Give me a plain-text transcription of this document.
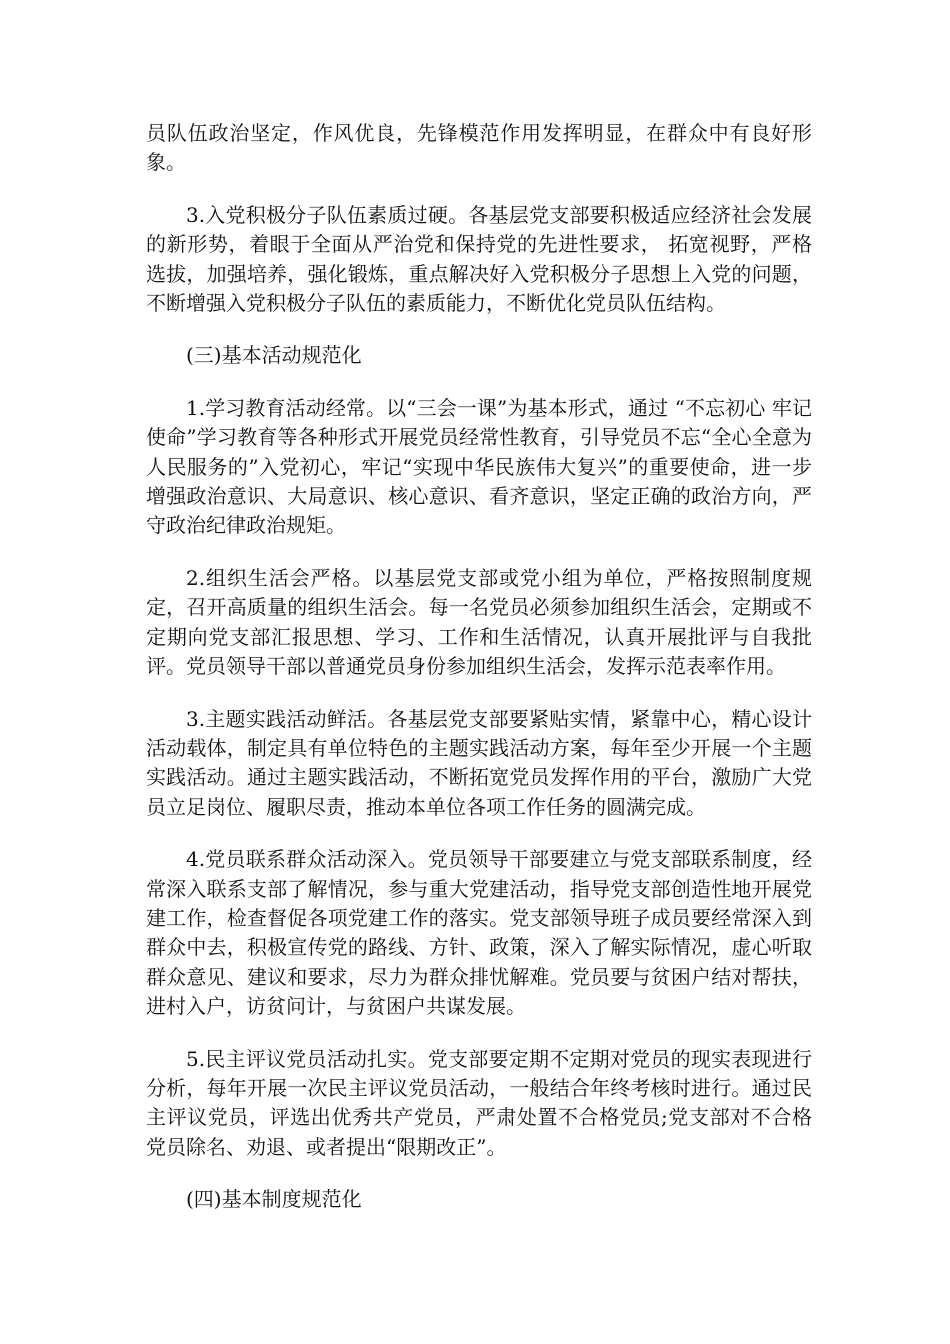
员队伍政治坚定，作风优良，先锋模范作用发挥明显，在群众中有良好形象。

3.入党积极分子队伍素质过硬。各基层党支部要积极适应经济社会发展的新形势，着眼于全面从严治党和保持党的先进性要求， 拓宽视野，严格选拔，加强培养，强化锻炼，重点解决好入党积极分子思想上入党的问题，不断增强入党积极分子队伍的素质能力，不断优化党员队伍结构。

(三)基本活动规范化

1.学习教育活动经常。以“三会一课”为基本形式，通过 “不忘初心 牢记使命”学习教育等各种形式开展党员经常性教育，引导党员不忘“全心全意为人民服务的”入党初心，牢记“实现中华民族伟大复兴”的重要使命，进一步增强政治意识、大局意识、核心意识、看齐意识，坚定正确的政治方向，严守政治纪律政治规矩。

2.组织生活会严格。以基层党支部或党小组为单位，严格按照制度规定，召开高质量的组织生活会。每一名党员必须参加组织生活会，定期或不定期向党支部汇报思想、学习、工作和生活情况，认真开展批评与自我批评。党员领导干部以普通党员身份参加组织生活会，发挥示范表率作用。

3.主题实践活动鲜活。各基层党支部要紧贴实情，紧靠中心，精心设计活动载体，制定具有单位特色的主题实践活动方案，每年至少开展一个主题实践活动。通过主题实践活动，不断拓宽党员发挥作用的平台，激励广大党员立足岗位、履职尽责，推动本单位各项工作任务的圆满完成。

4.党员联系群众活动深入。党员领导干部要建立与党支部联系制度，经常深入联系支部了解情况，参与重大党建活动，指导党支部创造性地开展党建工作，检查督促各项党建工作的落实。党支部领导班子成员要经常深入到群众中去，积极宣传党的路线、方针、政策，深入了解实际情况，虚心听取群众意见、建议和要求，尽力为群众排忧解难。党员要与贫困户结对帮扶，进村入户，访贫问计，与贫困户共谋发展。

5.民主评议党员活动扎实。党支部要定期不定期对党员的现实表现进行分析，每年开展一次民主评议党员活动，一般结合年终考核时进行。通过民主评议党员，评选出优秀共产党员，严肃处置不合格党员;党支部对不合格党员除名、劝退、或者提出“限期改正”。

(四)基本制度规范化
